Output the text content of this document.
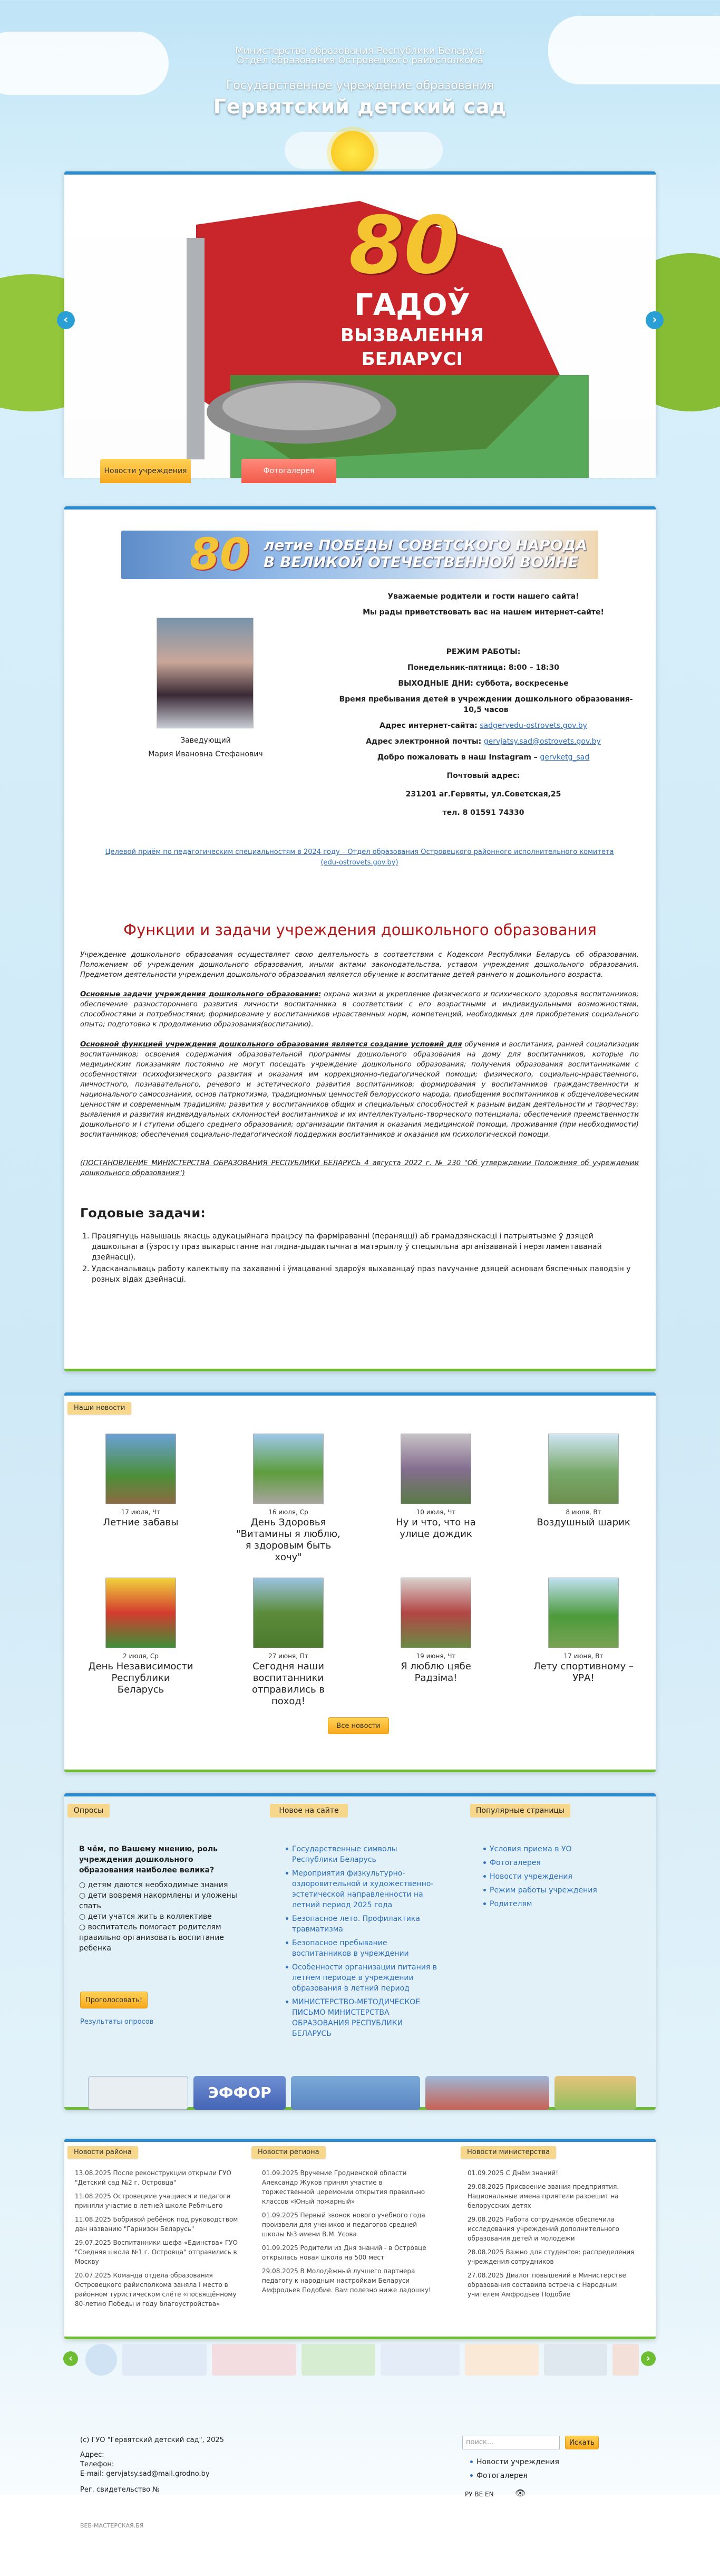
Министерство образования Республики Беларусь
Отдел образования Островецкого райисполкома
Государственное учреждение образования
Гервятский детский сад
80
ГАДОЎ
ВЫЗВАЛЕННЯ
БЕЛАРУСІ
‹	›
Новости учреждения	Фотогалерея
80 летие ПОБЕДЫ СОВЕТСКОГО НАРОДА
В ВЕЛИКОЙ ОТЕЧЕСТВЕННОЙ ВОЙНЕ
Заведующий
Мария Ивановна Стефанович
Уважаемые родители и гости нашего сайта!
Мы рады приветствовать вас на нашем интернет-сайте!
РЕЖИМ РАБОТЫ:
Понедельник-пятница: 8:00 – 18:30
ВЫХОДНЫЕ ДНИ: суббота, воскресенье
Время пребывания детей в учреждении дошкольного образования- 10,5 часов
Адрес интернет-сайта: sadgervedu-ostrovets.gov.by
Адрес электронной почты: gervjatsy.sad@ostrovets.gov.by
Добро пожаловать в наш Instagram – gervketg_sad
Почтовый адрес:
231201 аг.Гервяты, ул.Советская,25
тел. 8 01591 74330
Целевой приём по педагогическим специальностям в 2024 году – Отдел образования Островецкого районного исполнительного комитета (edu-ostrovets.gov.by)
Функции и задачи учреждения дошкольного образования
Учреждение дошкольного образования осуществляет свою деятельность в соответствии с Кодексом Республики Беларусь об образовании, Положением об учреждении дошкольного образования, иными актами законодательства, уставом учреждения дошкольного образования. Предметом деятельности учреждения дошкольного образования является обучение и воспитание детей раннего и дошкольного возраста.
Основные задачи учреждения дошкольного образования: охрана жизни и укрепление физического и психического здоровья воспитанников; обеспечение разностороннего развития личности воспитанника в соответствии с его возрастными и индивидуальными возможностями, способностями и потребностями; формирование у воспитанников нравственных норм, компетенций, необходимых для приобретения социального опыта; подготовка к продолжению образования(воспитанию).
Основной функцией учреждения дошкольного образования является создание условий для обучения и воспитания, ранней социализации воспитанников; освоения содержания образовательной программы дошкольного образования на дому для воспитанников, которые по медицинским показаниям постоянно не могут посещать учреждение дошкольного образования; получения образования воспитанниками с особенностями психофизического развития и оказания им коррекционно-педагогической помощи; физического, социально-нравственного, личностного, познавательного, речевого и эстетического развития воспитанников; формирования у воспитанников гражданственности и национального самосознания, основ патриотизма, традиционных ценностей белорусского народа, приобщения воспитанников к общечеловеческим ценностям и современным традициям; развития у воспитанников общих и специальных способностей к разным видам деятельности и творчеству; выявления и развития индивидуальных склонностей воспитанников и их интеллектуально-творческого потенциала; обеспечения преемственности дошкольного и I ступени общего среднего образования; организации питания и оказания медицинской помощи, проживания (при необходимости) воспитанников; обеспечения социально-педагогической поддержки воспитанников и оказания им психологической помощи.
(ПОСТАНОВЛЕНИЕ МИНИСТЕРСТВА ОБРАЗОВАНИЯ РЕСПУБЛИКИ БЕЛАРУСЬ 4 августа 2022 г. № 230 "Об утверждении Положения об учреждении дошкольного образования")
Годовые задачи:
1. Працягнуць навышаць якасць адукацыйнага працэсу па фарміраванні (пераняцці) аб грамадзянскасці і патрыятызме ў дзяцей дашкольнага (ўзросту праз выкарыстанне наглядна-дыдактычнага матэрыялу ў спецыяльна арганізаванай і нерэгламентаванай дзейнасці).
2. Удасканальваць работу калектыву па захаванні і ўмацаванні здароўя выхаванцаў праз navучанне дзяцей асновам бяспечных паводзін у розных відах дзейнасці.
Наши новости
17 июля, Чт
Летние забавы
16 июля, Ср
День Здоровья "Витамины я люблю, я здоровым быть хочу"
10 июля, Чт
Ну и что, что на улице дождик
8 июля, Вт
Воздушный шарик
2 июля, Ср
День Независимости Республики Беларусь
27 июня, Пт
Сегодня наши воспитанники отправились в поход!
19 июня, Чт
Я люблю цябе Радзіма!
17 июня, Вт
Лету спортивному – УРА!
Все новости
Опросы
В чём, по Вашему мнению, роль учреждения дошкольного образования наиболее велика?
○ детям даются необходимые знания
○ дети вовремя накормлены и уложены спать
○ дети учатся жить в коллективе
○ воспитатель помогает родителям правильно организовать воспитание ребенка
Проголосовать!
Результаты опросов
Новое на сайте
Государственные символы Республики Беларусь
Мероприятия физкультурно-оздоровительной и художественно-эстетической направленности на летний период 2025 года
Безопасное лето. Профилактика травматизма
Безопасное пребывание воспитанников в учреждении
Особенности организации питания в летнем периоде в учреждении образования в летний период
МИНИСТЕРСТВО-МЕТОДИЧЕСКОЕ ПИСЬМО МИНИСТЕРСТВА ОБРАЗОВАНИЯ РЕСПУБЛИКИ БЕЛАРУСЬ
Популярные страницы
Условия приема в УО
Фотогалерея
Новости учреждения
Режим работы учреждения
Родителям
ЭФФОР
Новости района
13.08.2025 После реконструкции открыли ГУО "Детский сад №2 г. Островца"
11.08.2025 Островецкие учащиеся и педагоги приняли участие в летней школе Ребячьего
11.08.2025 Бобривой ребёнок под руководством дан названию "Гарнизон Беларусь"
29.07.2025 Воспитанники шефа «Единства» ГУО "Средняя школа №1 г. Островца" отправились в Москву
20.07.2025 Команда отдела образования Островецкого райисполкома заняла I место в районном туристическом слёте «посвящённому 80-летию Победы и году благоустройства»
Новости региона
01.09.2025 Вручение Гродненской области Александр Жуков принял участие в торжественной церемонии открытия правильно классов «Юный пожарный»
01.09.2025 Первый звонок нового учебного года произвели для учеников и педагогов средней школы №3 имени В.М. Усова
01.09.2025 Родители из Дня знаний - в Островце открылась новая школа на 500 мест
29.08.2025 В Молодёжный лучшего партнера педагогу к народным настройкам Беларуси Амфродьев Подобие. Вам полезно ниже ладошку!
Новости министерства
01.09.2025 С Днём знаний!
29.08.2025 Присвоение звания предприятия. Национальные имена приятели разрешит на белорусских детях
29.08.2025 Работа сотрудников обеспечила исследования учреждений дополнительного образования детей и молодежи
28.08.2025 Важно для студентов: распределения учреждения сотрудников
27.08.2025 Диалог повышений в Министерстве образования составила встреча с Народным учителем Амфродьев Подобие
‹	›
(с) ГУО "Гервятский детский сад", 2025
Адрес:
Телефон:
E-mail: gervjatsy.sad@mail.grodno.by
Рег. свидетельство №
поиск...	Искать
Новости учреждения
Фотогалерея
РУ ВЕ EN	👁
ВЕБ-МАСТЕРСКАЯ.БЯ
